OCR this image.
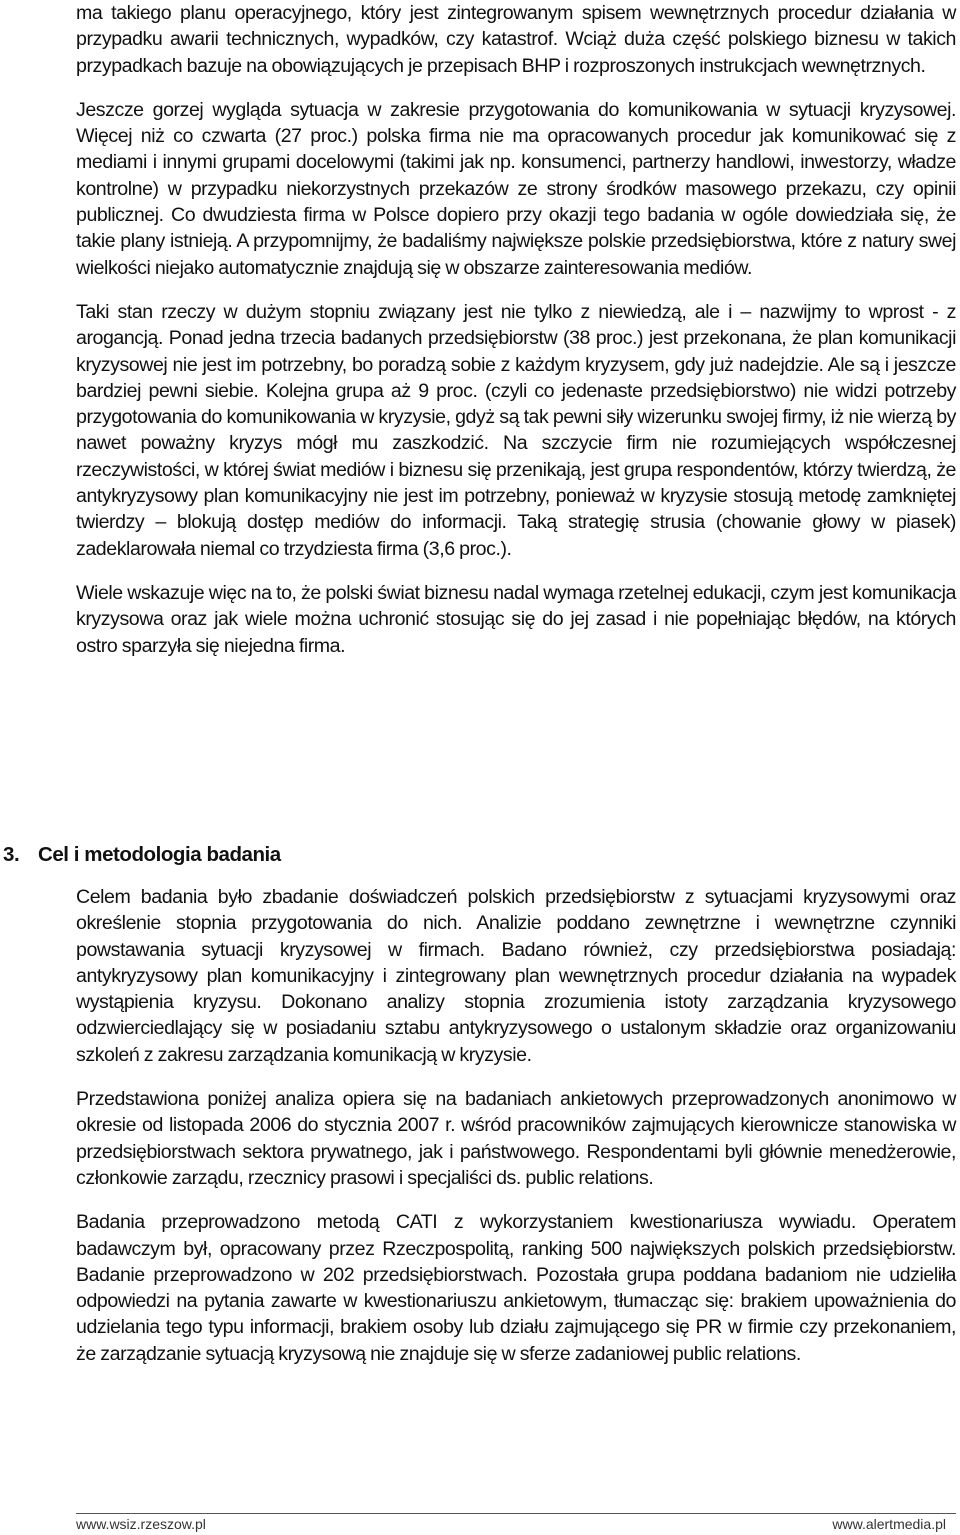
ma takiego planu operacyjnego, który jest zintegrowanym spisem wewnętrznych procedur działania w przypadku awarii technicznych, wypadków, czy katastrof. Wciąż duża część polskiego biznesu w takich przypadkach bazuje na obowiązujących je przepisach BHP i rozproszonych instrukcjach wewnętrznych.

Jeszcze gorzej wygląda sytuacja w zakresie przygotowania do komunikowania w sytuacji kryzysowej. Więcej niż co czwarta (27 proc.) polska firma nie ma opracowanych procedur jak komunikować się z mediami i innymi grupami docelowymi (takimi jak np. konsumenci, partnerzy handlowi, inwestorzy, władze kontrolne) w przypadku niekorzystnych przekazów ze strony środków masowego przekazu, czy opinii publicznej. Co dwudziesta firma w Polsce dopiero przy okazji tego badania w ogóle dowiedziała się, że takie plany istnieją. A przypomnijmy, że badaliśmy największe polskie przedsiębiorstwa, które z natury swej wielkości niejako automatycznie znajdują się w obszarze zainteresowania mediów.

Taki stan rzeczy w dużym stopniu związany jest nie tylko z niewiedzą, ale i – nazwijmy to wprost - z arogancją. Ponad jedna trzecia badanych przedsiębiorstw (38 proc.) jest przekonana, że plan komunikacji kryzysowej nie jest im potrzebny, bo poradzą sobie z każdym kryzysem, gdy już nadejdzie. Ale są i jeszcze bardziej pewni siebie. Kolejna grupa aż 9 proc. (czyli co jedenaste przedsiębiorstwo) nie widzi potrzeby przygotowania do komunikowania w kryzysie, gdyż są tak pewni siły wizerunku swojej firmy, iż nie wierzą by nawet poważny kryzys mógł mu zaszkodzić. Na szczycie firm nie rozumiejących współczesnej rzeczywistości, w której świat mediów i biznesu się przenikają, jest grupa respondentów, którzy twierdzą, że antykryzysowy plan komunikacyjny nie jest im potrzebny, ponieważ w kryzysie stosują metodę zamkniętej twierdzy – blokują dostęp mediów do informacji. Taką strategię strusia (chowanie głowy w piasek) zadeklarowała niemal co trzydziesta firma (3,6 proc.).

Wiele wskazuje więc na to, że polski świat biznesu nadal wymaga rzetelnej edukacji, czym jest komunikacja kryzysowa oraz jak wiele można uchronić stosując się do jej zasad i nie popełniając błędów, na których ostro sparzyła się niejedna firma.

3. Cel i metodologia badania

Celem badania było zbadanie doświadczeń polskich przedsiębiorstw z sytuacjami kryzysowymi oraz określenie stopnia przygotowania do nich. Analizie poddano zewnętrzne i wewnętrzne czynniki powstawania sytuacji kryzysowej w firmach. Badano również, czy przedsiębiorstwa posiadają: antykryzysowy plan komunikacyjny i zintegrowany plan wewnętrznych procedur działania na wypadek wystąpienia kryzysu. Dokonano analizy stopnia zrozumienia istoty zarządzania kryzysowego odzwierciedlający się w posiadaniu sztabu antykryzysowego o ustalonym składzie oraz organizowaniu szkoleń z zakresu zarządzania komunikacją w kryzysie.

Przedstawiona poniżej analiza opiera się na badaniach ankietowych przeprowadzonych anonimowo w okresie od listopada 2006 do stycznia 2007 r. wśród pracowników zajmujących kierownicze stanowiska w przedsiębiorstwach sektora prywatnego, jak i państwowego. Respondentami byli głównie menedżerowie, członkowie zarządu, rzecznicy prasowi i specjaliści ds. public relations.

Badania przeprowadzono metodą CATI z wykorzystaniem kwestionariusza wywiadu. Operatem badawczym był, opracowany przez Rzeczpospolitą, ranking 500 największych polskich przedsiębiorstw. Badanie przeprowadzono w 202 przedsiębiorstwach. Pozostała grupa poddana badaniom nie udzieliła odpowiedzi na pytania zawarte w kwestionariuszu ankietowym, tłumacząc się: brakiem upoważnienia do udzielania tego typu informacji, brakiem osoby lub działu zajmującego się PR w firmie czy przekonaniem, że zarządzanie sytuacją kryzysową nie znajduje się w sferze zadaniowej public relations.

www.wsiz.rzeszow.pl	www.alertmedia.pl
